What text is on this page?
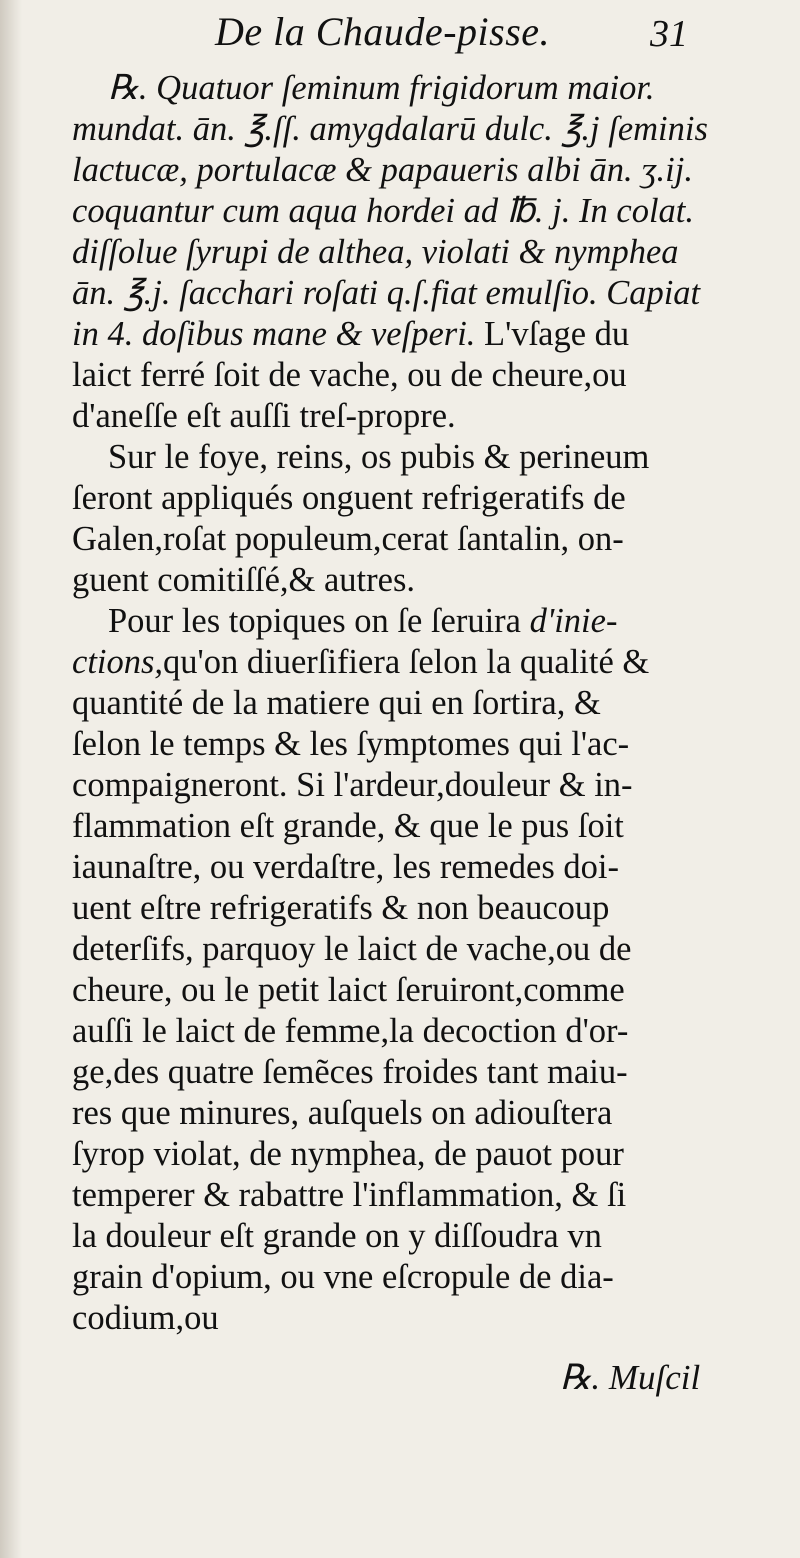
De la Chaude-pisse.	31
℞. Quatuor ſeminum frigidorum maior.
mundat. ān. ℥.ſſ. amygdalarū dulc. ℥.j ſeminis
lactucæ, portulacæ & papaueris albi ān. ʒ.ij.
coquantur cum aqua hordei ad ℔. j. In colat.
diſſolue ſyrupi de althea, violati & nymphea
ān. ℥.j. ſacchari roſati q.ſ.fiat emulſio. Capiat
in 4. doſibus mane & veſperi. L'vſage du
laict ferré ſoit de vache, ou de cheure,ou
d'aneſſe eſt auſſi treſ-propre.
Sur le foye, reins, os pubis & perineum
ſeront appliqués onguent refrigeratifs de
Galen,roſat populeum,cerat ſantalin, on-
guent comitiſſé,& autres.
Pour les topiques on ſe ſeruira d'inie-
ctions,qu'on diuerſifiera ſelon la qualité &
quantité de la matiere qui en ſortira, &
ſelon le temps & les ſymptomes qui l'ac-
compaigneront. Si l'ardeur,douleur & in-
flammation eſt grande, & que le pus ſoit
iaunaſtre, ou verdaſtre, les remedes doi-
uent eſtre refrigeratifs & non beaucoup
deterſifs, parquoy le laict de vache,ou de
cheure, ou le petit laict ſeruiront,comme
auſſi le laict de femme,la decoction d'or-
ge,des quatre ſemẽces froides tant maiu-
res que minures, auſquels on adiouſtera
ſyrop violat, de nymphea, de pauot pour
temperer & rabattre l'inflammation, & ſi
la douleur eſt grande on y diſſoudra vn
grain d'opium, ou vne eſcropule de dia-
codium,ou
℞. Muſcil
